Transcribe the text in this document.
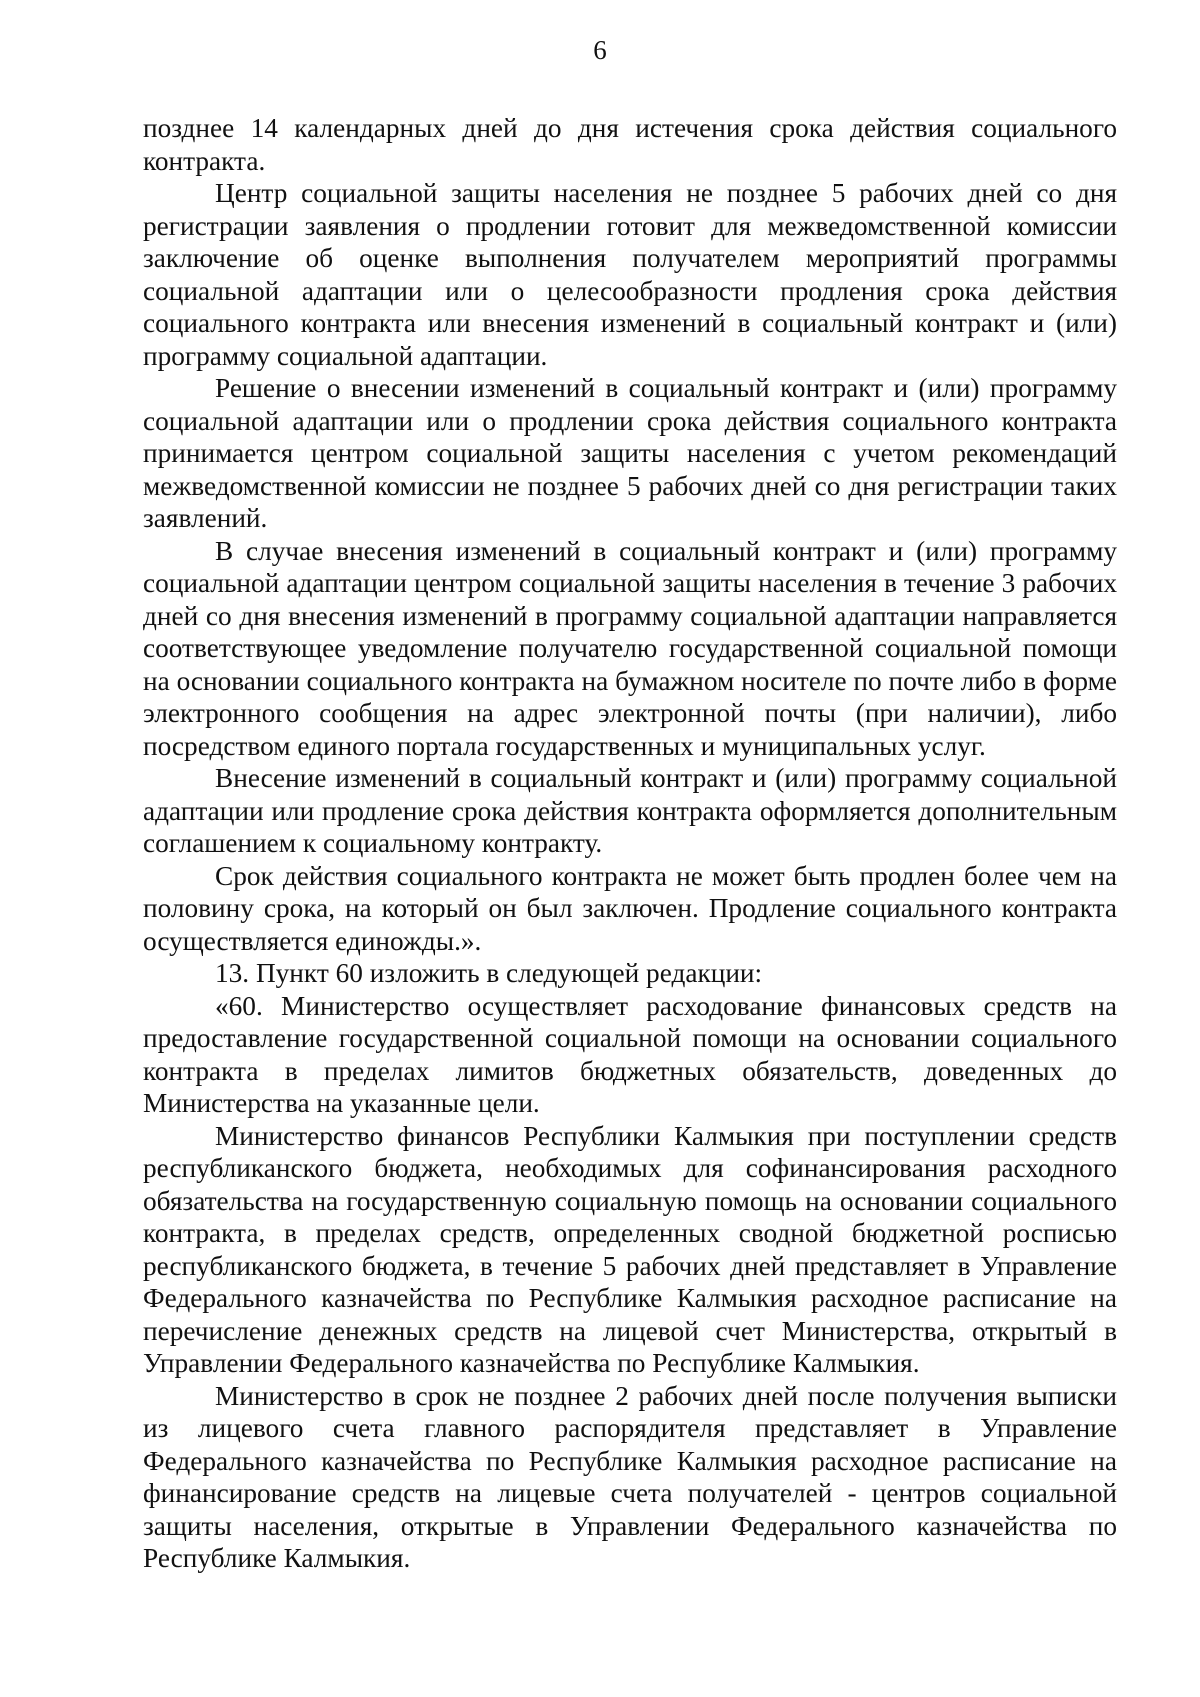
6

позднее 14 календарных дней до дня истечения срока действия социального контракта.

Центр социальной защиты населения не позднее 5 рабочих дней со дня регистрации заявления о продлении готовит для межведомственной комиссии заключение об оценке выполнения получателем мероприятий программы социальной адаптации или о целесообразности продления срока действия социального контракта или внесения изменений в социальный контракт и (или) программу социальной адаптации.

Решение о внесении изменений в социальный контракт и (или) программу социальной адаптации или о продлении срока действия социального контракта принимается центром социальной защиты населения с учетом рекомендаций межведомственной комиссии не позднее 5 рабочих дней со дня регистрации таких заявлений.

В случае внесения изменений в социальный контракт и (или) программу социальной адаптации центром социальной защиты населения в течение 3 рабочих дней со дня внесения изменений в программу социальной адаптации направляется соответствующее уведомление получателю государственной социальной помощи на основании социального контракта на бумажном носителе по почте либо в форме электронного сообщения на адрес электронной почты (при наличии), либо посредством единого портала государственных и муниципальных услуг.

Внесение изменений в социальный контракт и (или) программу социальной адаптации или продление срока действия контракта оформляется дополнительным соглашением к социальному контракту.

Срок действия социального контракта не может быть продлен более чем на половину срока, на который он был заключен. Продление социального контракта осуществляется единожды.».

13. Пункт 60 изложить в следующей редакции:

«60. Министерство осуществляет расходование финансовых средств на предоставление государственной социальной помощи на основании социального контракта в пределах лимитов бюджетных обязательств, доведенных до Министерства на указанные цели.

Министерство финансов Республики Калмыкия при поступлении средств республиканского бюджета, необходимых для софинансирования расходного обязательства на государственную социальную помощь на основании социального контракта, в пределах средств, определенных сводной бюджетной росписью республиканского бюджета, в течение 5 рабочих дней представляет в Управление Федерального казначейства по Республике Калмыкия расходное расписание на перечисление денежных средств на лицевой счет Министерства, открытый в Управлении Федерального казначейства по Республике Калмыкия.

Министерство в срок не позднее 2 рабочих дней после получения выписки из лицевого счета главного распорядителя представляет в Управление Федерального казначейства по Республике Калмыкия расходное расписание на финансирование средств на лицевые счета получателей - центров социальной защиты населения, открытые в Управлении Федерального казначейства по Республике Калмыкия.
